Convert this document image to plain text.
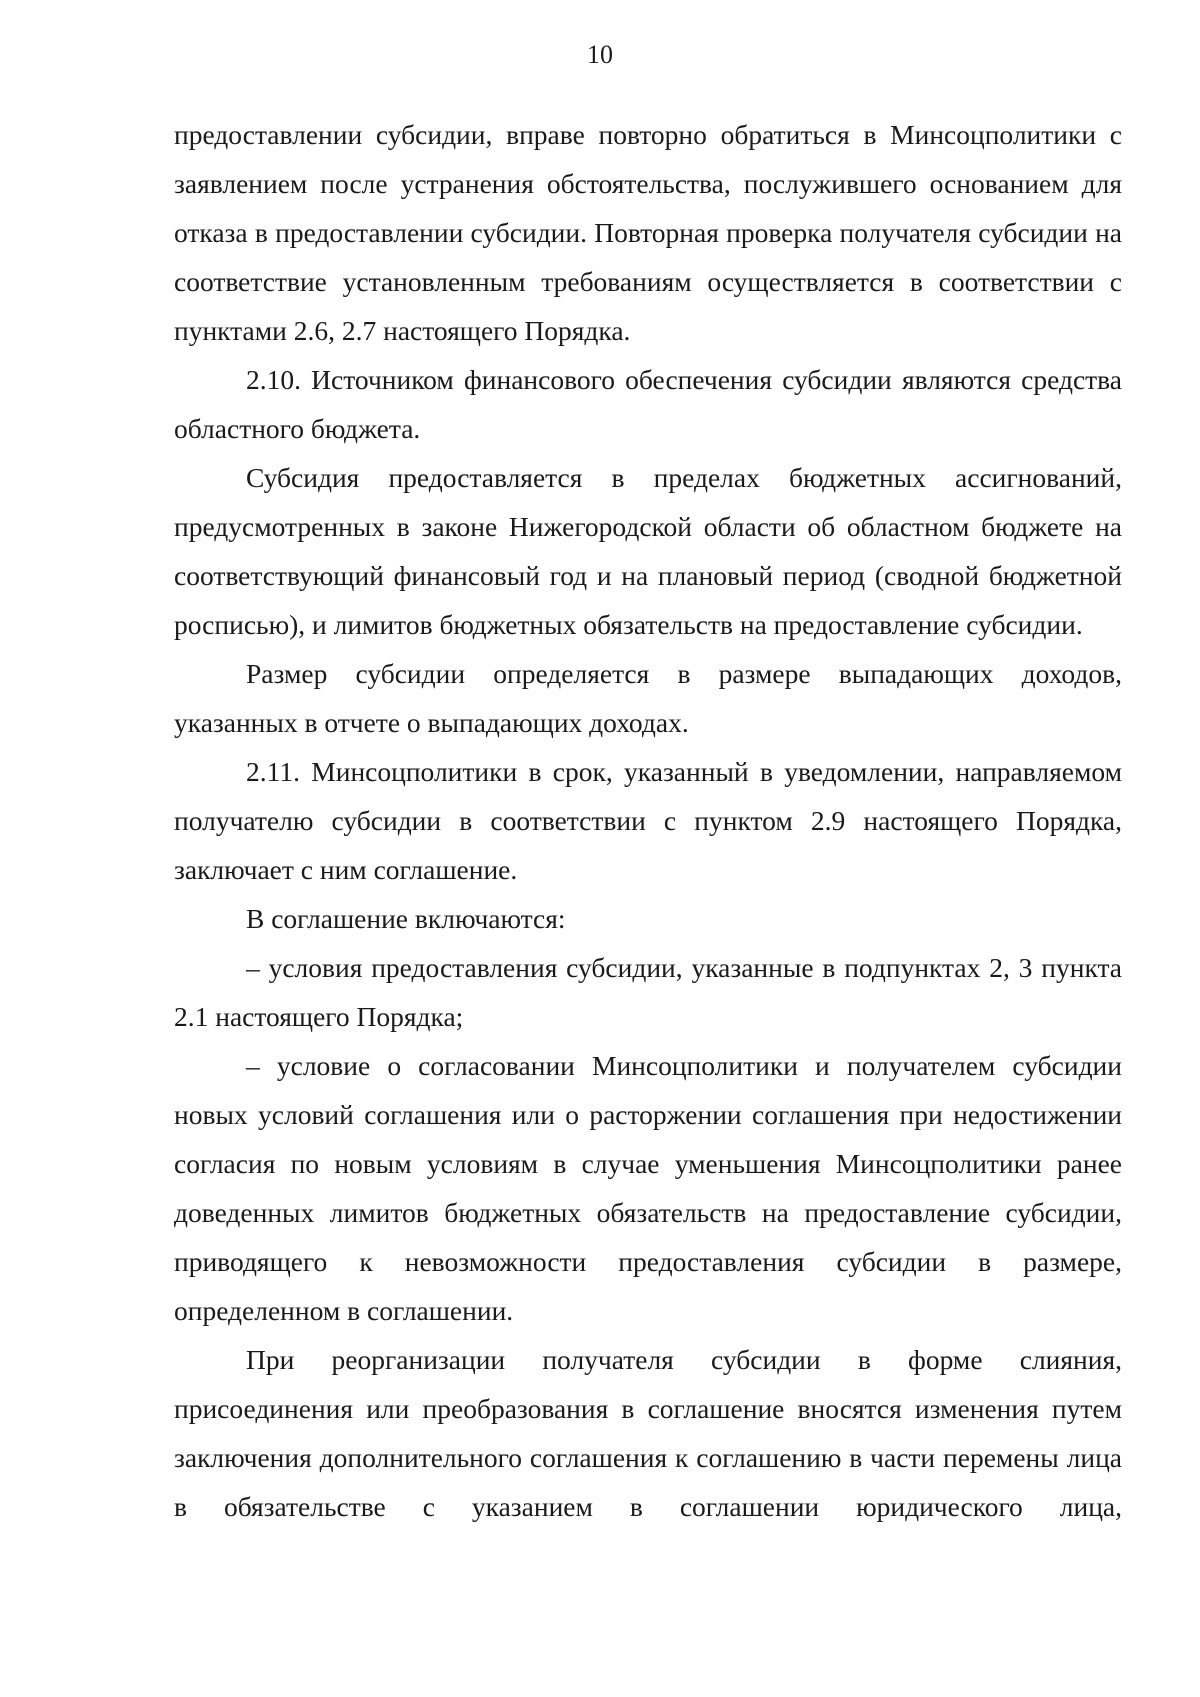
10

предоставлении субсидии, вправе повторно обратиться в Минсоцполитики с заявлением после устранения обстоятельства, послужившего основанием для отказа в предоставлении субсидии. Повторная проверка получателя субсидии на соответствие установленным требованиям осуществляется в соответствии с пунктами 2.6, 2.7 настоящего Порядка.

2.10. Источником финансового обеспечения субсидии являются средства областного бюджета.

Субсидия предоставляется в пределах бюджетных ассигнований, предусмотренных в законе Нижегородской области об областном бюджете на соответствующий финансовый год и на плановый период (сводной бюджетной росписью), и лимитов бюджетных обязательств на предоставление субсидии.

Размер субсидии определяется в размере выпадающих доходов, указанных в отчете о выпадающих доходах.

2.11. Минсоцполитики в срок, указанный в уведомлении, направляемом получателю субсидии в соответствии с пунктом 2.9 настоящего Порядка, заключает с ним соглашение.

В соглашение включаются:

– условия предоставления субсидии, указанные в подпунктах 2, 3 пункта 2.1 настоящего Порядка;

– условие о согласовании Минсоцполитики и получателем субсидии новых условий соглашения или о расторжении соглашения при недостижении согласия по новым условиям в случае уменьшения Минсоцполитики ранее доведенных лимитов бюджетных обязательств на предоставление субсидии, приводящего к невозможности предоставления субсидии в размере, определенном в соглашении.

При реорганизации получателя субсидии в форме слияния, присоединения или преобразования в соглашение вносятся изменения путем заключения дополнительного соглашения к соглашению в части перемены лица в обязательстве с указанием в соглашении юридического лица,
